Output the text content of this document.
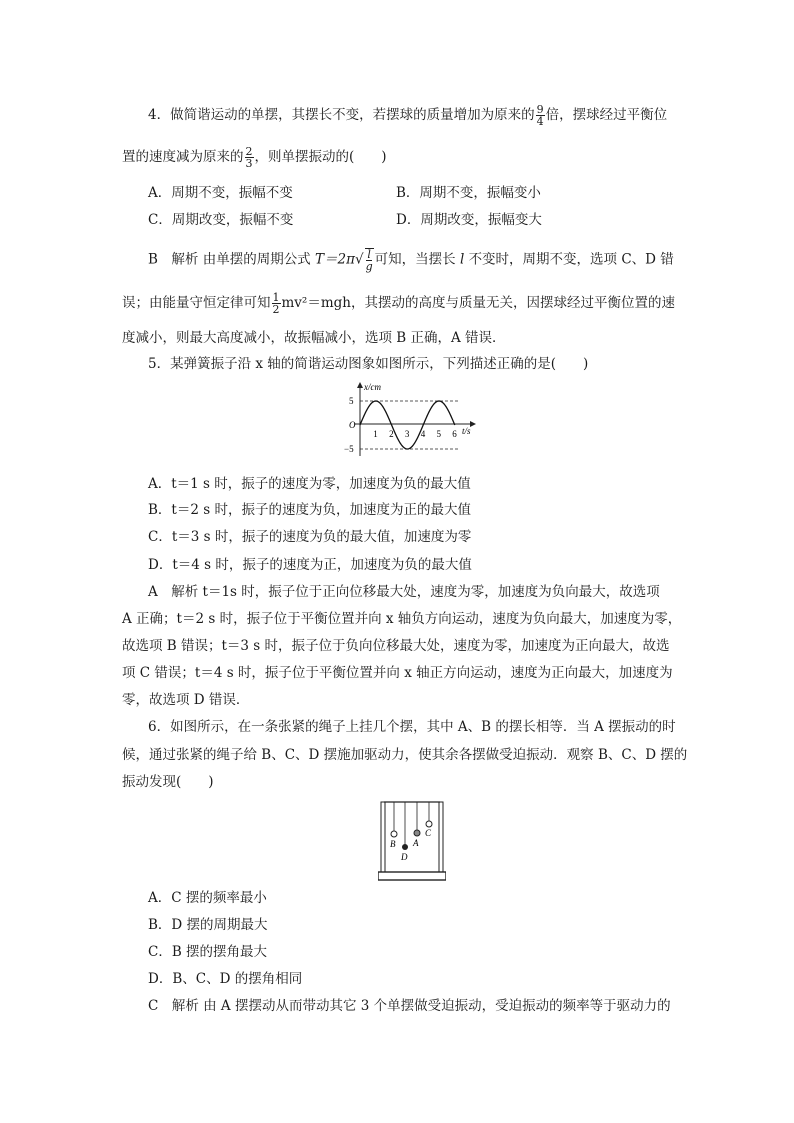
4．做简谐运动的单摆，其摆长不变，若摆球的质量增加为原来的 $\frac{9}{4}$ 倍，摆球经过平衡位
置的速度减为原来的 $\frac{2}{3}$ ，则单摆振动的(　　)
A．周期不变，振幅不变	B．周期不变，振幅变小
C．周期改变，振幅不变	D．周期改变，振幅变大
B　解析 由单摆的周期公式 $T=2\pi√ \frac{l}{g}$ 可知，当摆长 l 不变时，周期不变，选项 C、D 错
误；由能量守恒定律可知 $\frac{1}{2} mv^2=mgh$，其摆动的高度与质量无关，因摆球经过平衡位置的速
度减小，则最大高度减小，故振幅减小，选项 B 正确，A 错误．
5．某弹簧振子沿 x 轴的简谐运动图象如图所示，下列描述正确的是(　　)
x/cm
t/s
O
5
−5
1 2 3 4 5 6
A．t＝1 s 时，振子的速度为零，加速度为负的最大值
B．t＝2 s 时，振子的速度为负，加速度为正的最大值
C．t＝3 s 时，振子的速度为负的最大值，加速度为零
D．t＝4 s 时，振子的速度为正，加速度为负的最大值
A　解析 t＝1s 时，振子位于正向位移最大处，速度为零，加速度为负向最大，故选项
A 正确；t＝2 s 时，振子位于平衡位置并向 x 轴负方向运动，速度为负向最大，加速度为零，
故选项 B 错误；t＝3 s 时，振子位于负向位移最大处，速度为零，加速度为正向最大，故选
项 C 错误；t＝4 s 时，振子位于平衡位置并向 x 轴正方向运动，速度为正向最大，加速度为
零，故选项 D 错误．
6．如图所示，在一条张紧的绳子上挂几个摆，其中 A、B 的摆长相等．当 A 摆振动的时
候，通过张紧的绳子给 B、C、D 摆施加驱动力，使其余各摆做受迫振动．观察 B、C、D 摆的
振动发现(　　)
B
D
A
C
A．C 摆的频率最小
B．D 摆的周期最大
C．B 摆的摆角最大
D．B、C、D 的摆角相同
C　解析 由 A 摆摆动从而带动其它 3 个单摆做受迫振动，受迫振动的频率等于驱动力的
